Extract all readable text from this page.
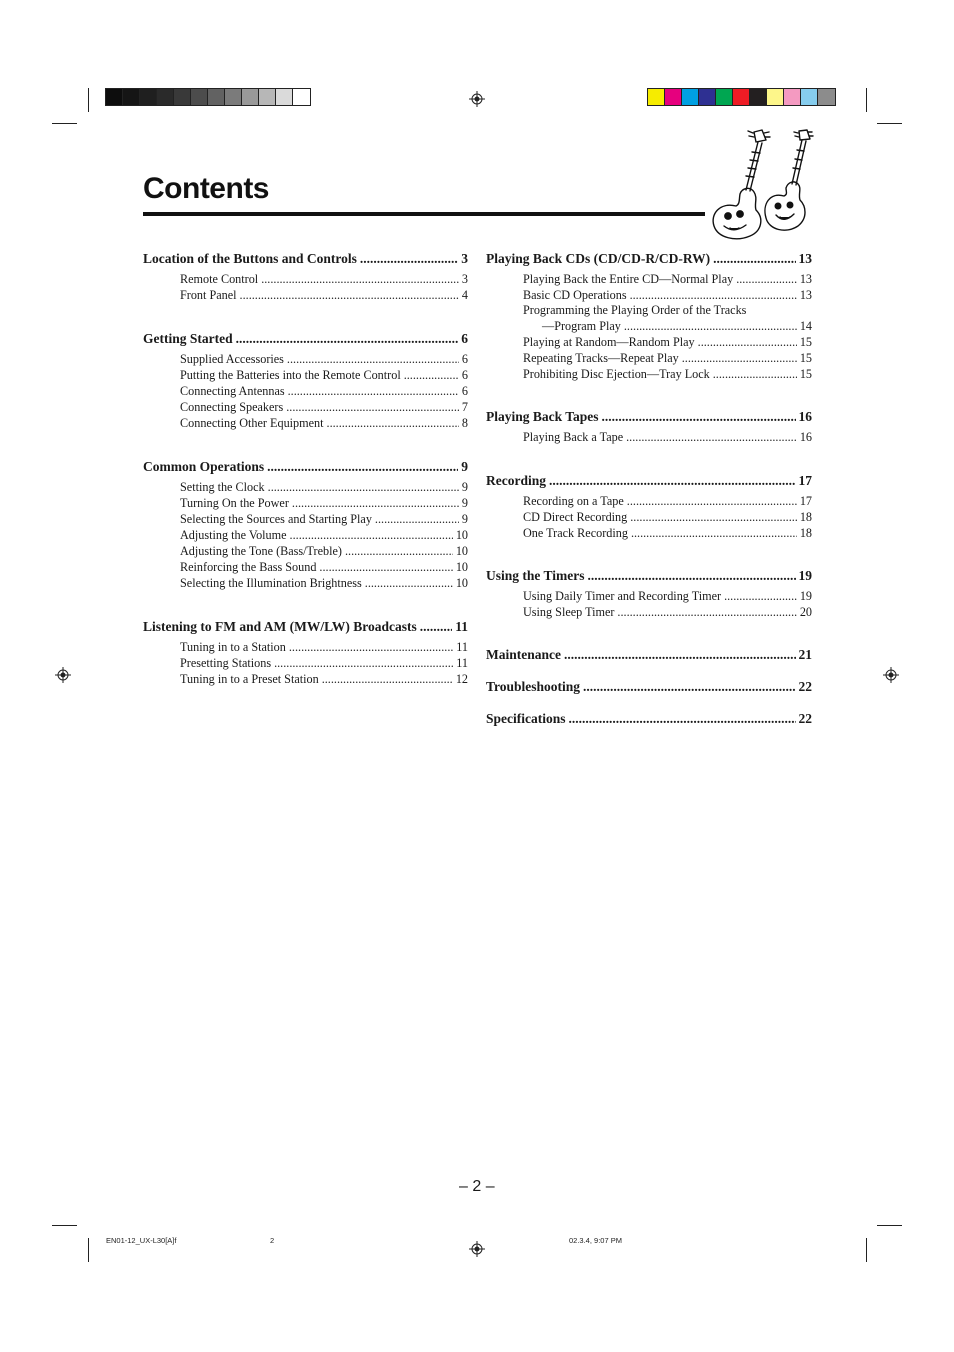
Contents
Location of the Buttons and Controls .....	3
Remote Control .....	3
Front Panel .....	4
Getting Started .....	6
Supplied Accessories .....	6
Putting the Batteries into the Remote Control .....	6
Connecting Antennas .....	6
Connecting Speakers .....	7
Connecting Other Equipment .....	8
Common Operations .....	9
Setting the Clock .....	9
Turning On the Power .....	9
Selecting the Sources and Starting Play .....	9
Adjusting the Volume .....	10
Adjusting the Tone (Bass/Treble) .....	10
Reinforcing the Bass Sound .....	10
Selecting the Illumination Brightness .....	10
Listening to FM and AM (MW/LW) Broadcasts .....	11
Tuning in to a Station .....	11
Presetting Stations .....	11
Tuning in to a Preset Station .....	12
Playing Back CDs (CD/CD-R/CD-RW) .....	13
Playing Back the Entire CD—Normal Play .....	13
Basic CD Operations .....	13
Programming the Playing Order of the Tracks
—Program Play .....	14
Playing at Random—Random Play .....	15
Repeating Tracks—Repeat Play .....	15
Prohibiting Disc Ejection—Tray Lock .....	15
Playing Back Tapes .....	16
Playing Back a Tape .....	16
Recording .....	17
Recording on a Tape .....	17
CD Direct Recording .....	18
One Track Recording .....	18
Using the Timers .....	19
Using Daily Timer and Recording Timer .....	19
Using Sleep Timer .....	20
Maintenance .....	21
Troubleshooting .....	22
Specifications .....	22
– 2 –
EN01-12_UX-L30[A]f	2	02.3.4, 9:07 PM
